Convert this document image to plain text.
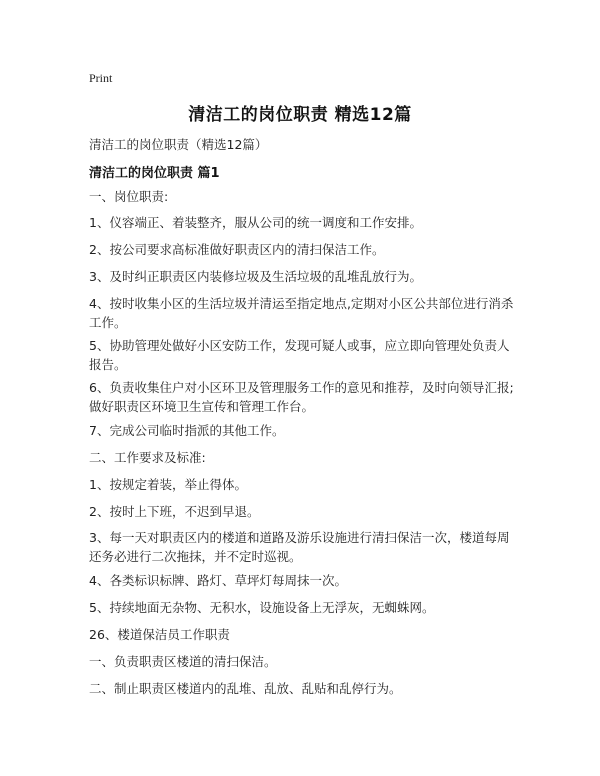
Print
清洁工的岗位职责 精选12篇
清洁工的岗位职责（精选12篇）
清洁工的岗位职责 篇1
一、岗位职责:
1、仪容端正、着装整齐，服从公司的统一调度和工作安排。
2、按公司要求高标准做好职责区内的清扫保洁工作。
3、及时纠正职责区内装修垃圾及生活垃圾的乱堆乱放行为。
4、按时收集小区的生活垃圾并清运至指定地点,定期对小区公共部位进行消杀工作。
5、协助管理处做好小区安防工作，发现可疑人或事，应立即向管理处负责人报告。
6、负责收集住户对小区环卫及管理服务工作的意见和推荐，及时向领导汇报;做好职责区环境卫生宣传和管理工作台。
7、完成公司临时指派的其他工作。
二、工作要求及标准:
1、按规定着装，举止得体。
2、按时上下班，不迟到早退。
3、每一天对职责区内的楼道和道路及游乐设施进行清扫保洁一次，楼道每周还务必进行二次拖抹，并不定时巡视。
4、各类标识标牌、路灯、草坪灯每周抹一次。
5、持续地面无杂物、无积水，设施设备上无浮灰，无蜘蛛网。
26、楼道保洁员工作职责
一、负责职责区楼道的清扫保洁。
二、制止职责区楼道内的乱堆、乱放、乱贴和乱停行为。
